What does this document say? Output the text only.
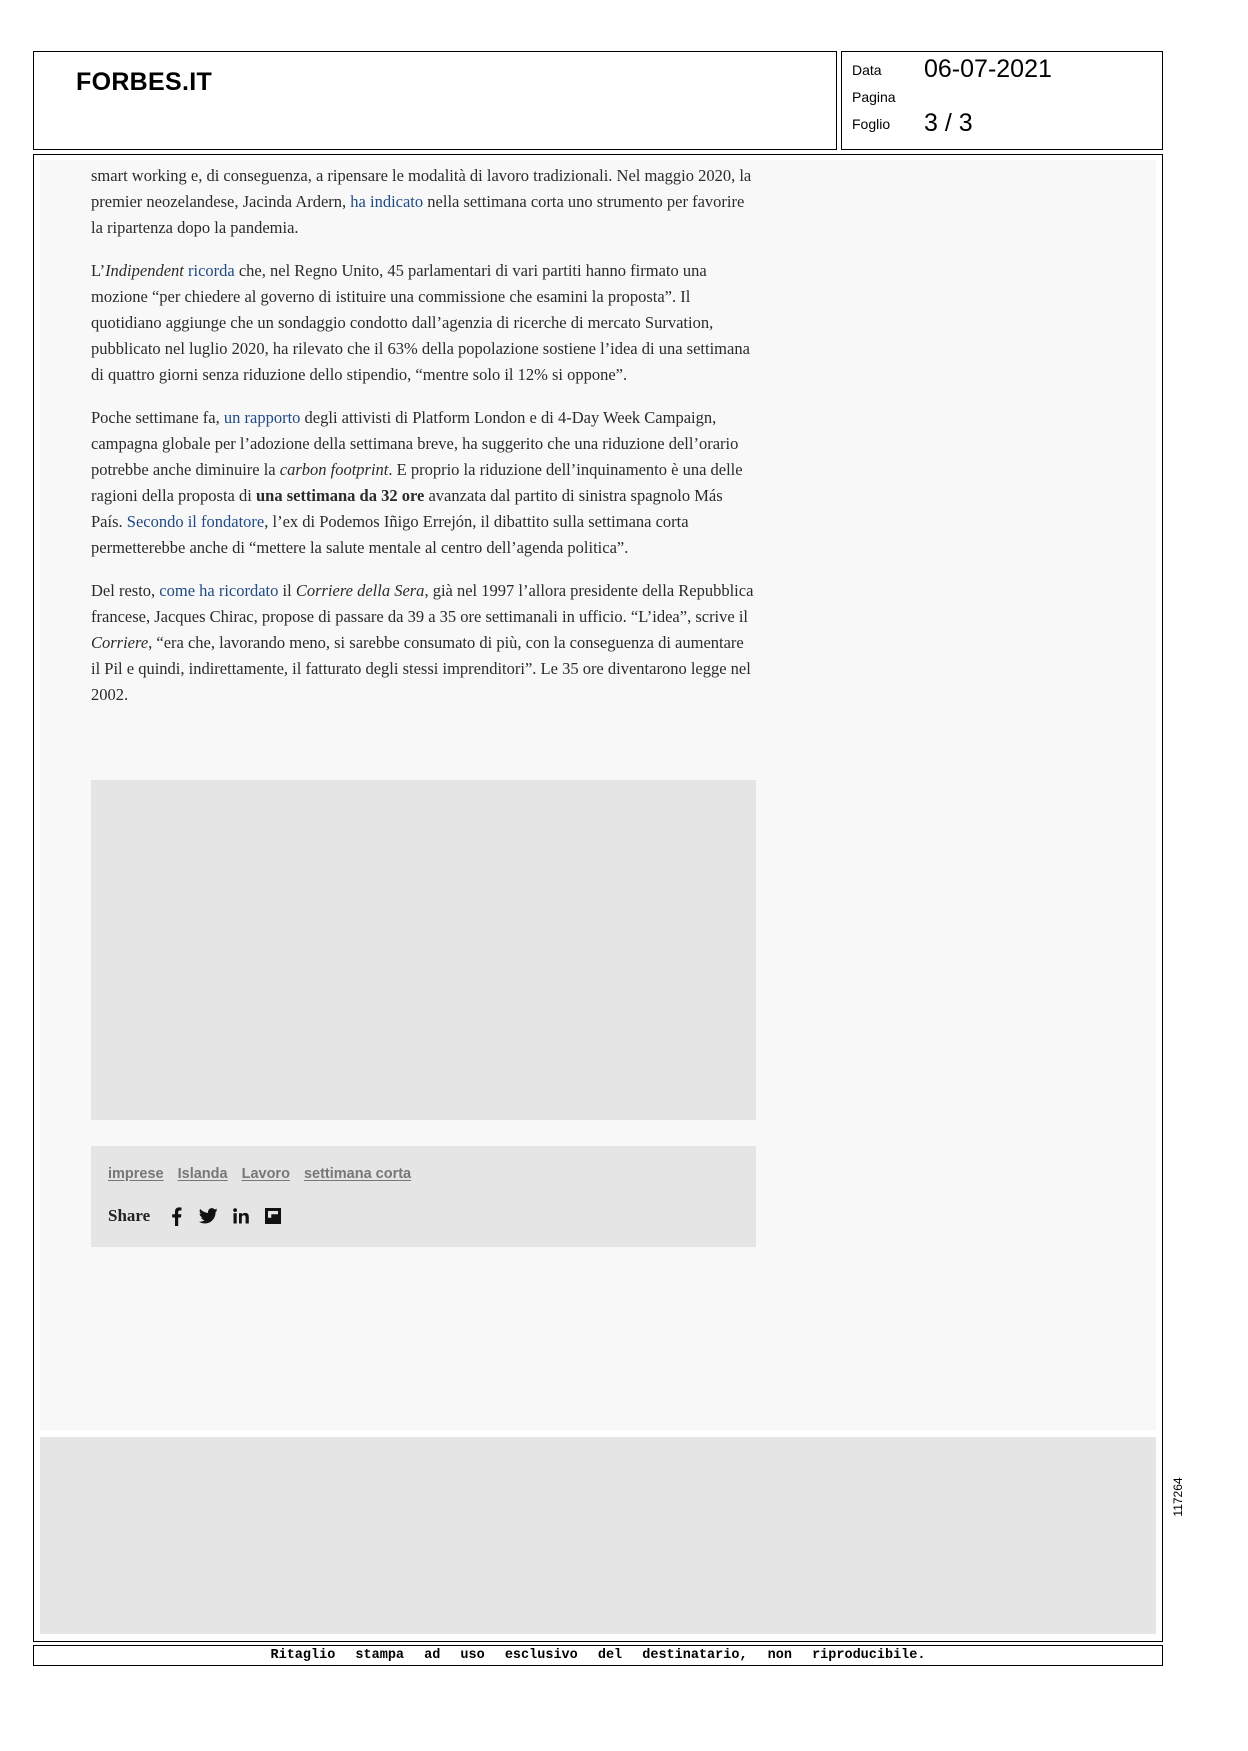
FORBES.IT	Data 06-07-2021
Pagina
Foglio 3 / 3

smart working e, di conseguenza, a ripensare le modalità di lavoro tradizionali. Nel maggio 2020, la premier neozelandese, Jacinda Ardern, ha indicato nella settimana corta uno strumento per favorire la ripartenza dopo la pandemia.

L’Indipendent ricorda che, nel Regno Unito, 45 parlamentari di vari partiti hanno firmato una mozione “per chiedere al governo di istituire una commissione che esamini la proposta”. Il quotidiano aggiunge che un sondaggio condotto dall’agenzia di ricerche di mercato Survation, pubblicato nel luglio 2020, ha rilevato che il 63% della popolazione sostiene l’idea di una settimana di quattro giorni senza riduzione dello stipendio, “mentre solo il 12% si oppone”.

Poche settimane fa, un rapporto degli attivisti di Platform London e di 4-Day Week Campaign, campagna globale per l’adozione della settimana breve, ha suggerito che una riduzione dell’orario potrebbe anche diminuire la carbon footprint. E proprio la riduzione dell’inquinamento è una delle ragioni della proposta di una settimana da 32 ore avanzata dal partito di sinistra spagnolo Más País. Secondo il fondatore, l’ex di Podemos Iñigo Errejón, il dibattito sulla settimana corta permetterebbe anche di “mettere la salute mentale al centro dell’agenda politica”.

Del resto, come ha ricordato il Corriere della Sera, già nel 1997 l’allora presidente della Repubblica francese, Jacques Chirac, propose di passare da 39 a 35 ore settimanali in ufficio. “L’idea”, scrive il Corriere, “era che, lavorando meno, si sarebbe consumato di più, con la conseguenza di aumentare il Pil e quindi, indirettamente, il fatturato degli stessi imprenditori”. Le 35 ore diventarono legge nel 2002.

imprese Islanda Lavoro settimana corta
Share
Ritaglio stampa ad uso esclusivo del destinatario, non riproducibile.
117264
